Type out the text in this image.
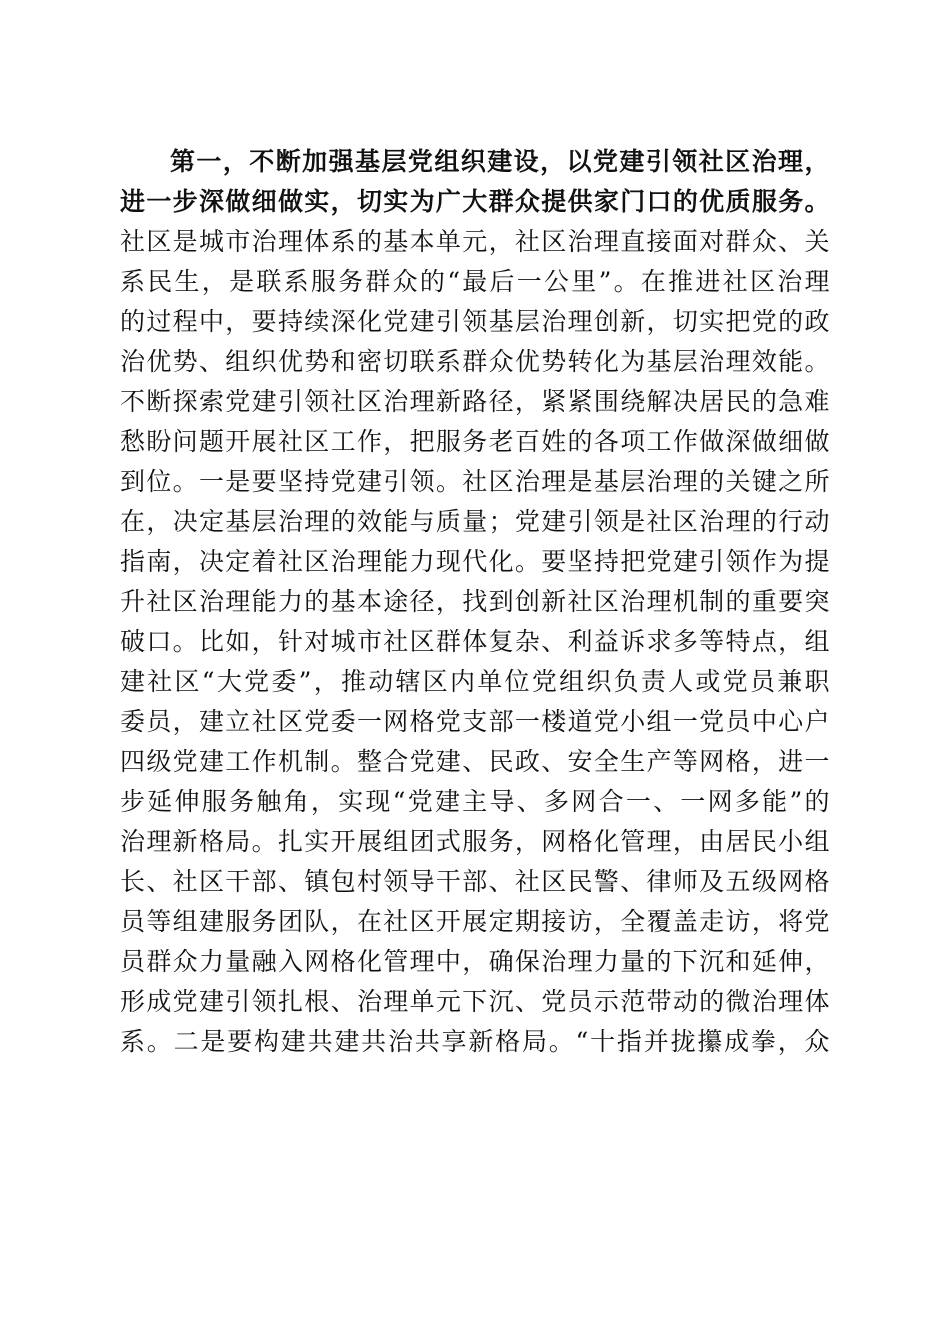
第一，不断加强基层党组织建设，以党建引领社区治理，
进一步深做细做实，切实为广大群众提供家门口的优质服务。
社区是城市治理体系的基本单元，社区治理直接面对群众、关
系民生，是联系服务群众的“最后一公里”。在推进社区治理
的过程中，要持续深化党建引领基层治理创新，切实把党的政
治优势、组织优势和密切联系群众优势转化为基层治理效能。
不断探索党建引领社区治理新路径，紧紧围绕解决居民的急难
愁盼问题开展社区工作，把服务老百姓的各项工作做深做细做
到位。一是要坚持党建引领。社区治理是基层治理的关键之所
在，决定基层治理的效能与质量；党建引领是社区治理的行动
指南，决定着社区治理能力现代化。要坚持把党建引领作为提
升社区治理能力的基本途径，找到创新社区治理机制的重要突
破口。比如，针对城市社区群体复杂、利益诉求多等特点，组
建社区“大党委”，推动辖区内单位党组织负责人或党员兼职
委员，建立社区党委一网格党支部一楼道党小组一党员中心户
四级党建工作机制。整合党建、民政、安全生产等网格，进一
步延伸服务触角，实现“党建主导、多网合一、一网多能”的
治理新格局。扎实开展组团式服务，网格化管理，由居民小组
长、社区干部、镇包村领导干部、社区民警、律师及五级网格
员等组建服务团队，在社区开展定期接访，全覆盖走访，将党
员群众力量融入网格化管理中，确保治理力量的下沉和延伸，
形成党建引领扎根、治理单元下沉、党员示范带动的微治理体
系。二是要构建共建共治共享新格局。“十指并拢攥成拳，众
